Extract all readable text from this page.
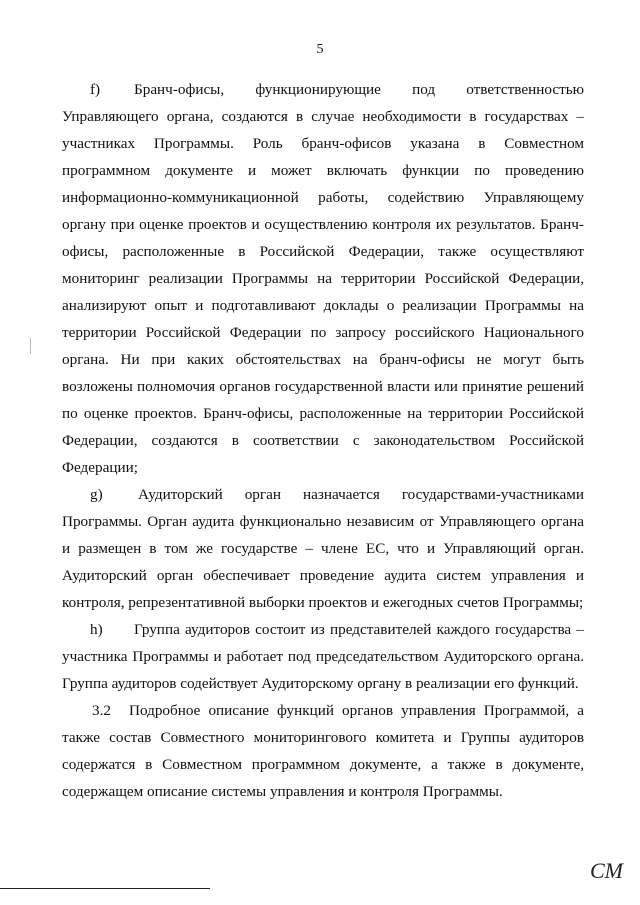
5

f) Бранч-офисы, функционирующие под ответственностью Управляющего органа, создаются в случае необходимости в государствах – участниках Программы. Роль бранч-офисов указана в Совместном программном документе и может включать функции по проведению информационно-коммуникационной работы, содействию Управляющему органу при оценке проектов и осуществлению контроля их результатов. Бранч-офисы, расположенные в Российской Федерации, также осуществляют мониторинг реализации Программы на территории Российской Федерации, анализируют опыт и подготавливают доклады о реализации Программы на территории Российской Федерации по запросу российского Национального органа. Ни при каких обстоятельствах на бранч-офисы не могут быть возложены полномочия органов государственной власти или принятие решений по оценке проектов. Бранч-офисы, расположенные на территории Российской Федерации, создаются в соответствии с законодательством Российской Федерации;

g) Аудиторский орган назначается государствами-участниками Программы. Орган аудита функционально независим от Управляющего органа и размещен в том же государстве – члене ЕС, что и Управляющий орган. Аудиторский орган обеспечивает проведение аудита систем управления и контроля, репрезентативной выборки проектов и ежегодных счетов Программы;

h) Группа аудиторов состоит из представителей каждого государства – участника Программы и работает под председательством Аудиторского органа. Группа аудиторов содействует Аудиторскому органу в реализации его функций.

3.2 Подробное описание функций органов управления Программой, а также состав Совместного мониторингового комитета и Группы аудиторов содержатся в Совместном программном документе, а также в документе, содержащем описание системы управления и контроля Программы.

СМ
